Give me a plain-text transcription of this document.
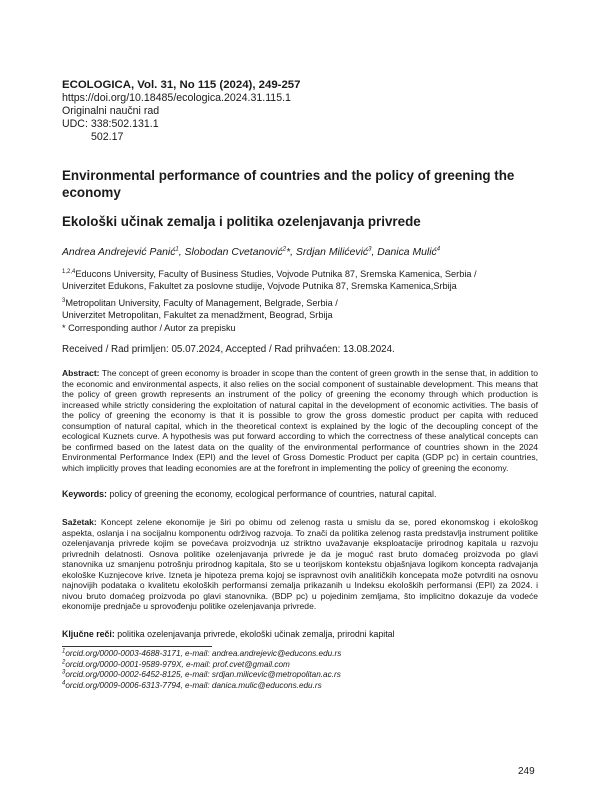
ECOLOGICA, Vol. 31, No 115 (2024), 249-257
https://doi.org/10.18485/ecologica.2024.31.115.1
Originalni naučni rad
UDC: 338:502.131.1
502.17
Environmental performance of countries and the policy of greening the economy
Ekološki učinak zemalja i politika ozelenjavanja privrede
Andrea Andrejević Panić$^1$, Slobodan Cvetanović$^2$*, Srdjan Milićević$^3$, Danica Mulić$^4$
$^{1,2,4}$Educons University, Faculty of Business Studies, Vojvode Putnika 87, Sremska Kamenica, Serbia /
Univerzitet Edukons, Fakultet za poslovne studije, Vojvode Putnika 87, Sremska Kamenica,Srbija
$^3$Metropolitan University, Faculty of Management, Belgrade, Serbia /
Univerzitet Metropolitan, Fakultet za menadžment, Beograd, Srbija
* Corresponding author / Autor za prepisku
Received / Rad primljen: 05.07.2024, Accepted / Rad prihvaćen: 13.08.2024.
Abstract: The concept of green economy is broader in scope than the content of green growth in the sense that, in addition to the economic and environmental aspects, it also relies on the social component of sustainable development. This means that the policy of green growth represents an instrument of the policy of greening the economy through which production is increased while strictly considering the exploitation of natural capital in the development of economic activities. The basis of the policy of greening the economy is that it is possible to grow the gross domestic product per capita with reduced consumption of natural capital, which in the theoretical context is explained by the logic of the decoupling concept of the ecological Kuznets curve. A hypothesis was put forward according to which the correctness of these analytical concepts can be confirmed based on the latest data on the quality of the environmental performance of countries shown in the 2024 Environmental Performance Index (EPI) and the level of Gross Domestic Product per capita (GDP pc) in certain countries, which implicitly proves that leading economies are at the forefront in implementing the policy of greening the economy.
Keywords: policy of greening the economy, ecological performance of countries, natural capital.
Sažetak: Koncept zelene ekonomije je širi po obimu od zelenog rasta u smislu da se, pored ekonomskog i ekološkog aspekta, oslanja i na socijalnu komponentu održivog razvoja. To znači da politika zelenog rasta predstavlja instrument politike ozelenjavanja privrede kojim se povećava proizvodnja uz striktno uvažavanje eksploatacije prirodnog kapitala u razvoju privrednih delatnosti. Osnova politike ozelenjavanja privrede je da je moguć rast bruto domaćeg proizvoda po glavi stanovnika uz smanjenu potrošnju prirodnog kapitala, što se u teorijskom kontekstu objašnjava logikom koncepta radvajanja ekološke Kuznjecove krive. Izneta je hipoteza prema kojoj se ispravnost ovih analitičkih koncepata može potvrditi na osnovu najnovijih podataka o kvalitetu ekoloških performansi zemalja prikazanih u Indeksu ekoloških performansi (EPI) za 2024. i nivou bruto domaćeg proizvoda po glavi stanovnika. (BDP pc) u pojedinim zemljama, što implicitno dokazuje da vodeće ekonomije prednjače u sprovođenju politike ozelenjavanja privrede.
Ključne reči: politika ozelenjavanja privrede, ekološki učinak zemalja, prirodni kapital
$^1$orcid.org/0000-0003-4688-3171, e-mail: andrea.andrejevic@educons.edu.rs
$^2$orcid.org/0000-0001-9589-979X, e-mail: prof.cvet@gmail.com
$^3$orcid.org/0000-0002-6452-8125, e-mail: srdjan.milicevic@metropolitan.ac.rs
$^4$orcid.org/0009-0006-6313-7794, e-mail: danica.mulic@educons.edu.rs
249
